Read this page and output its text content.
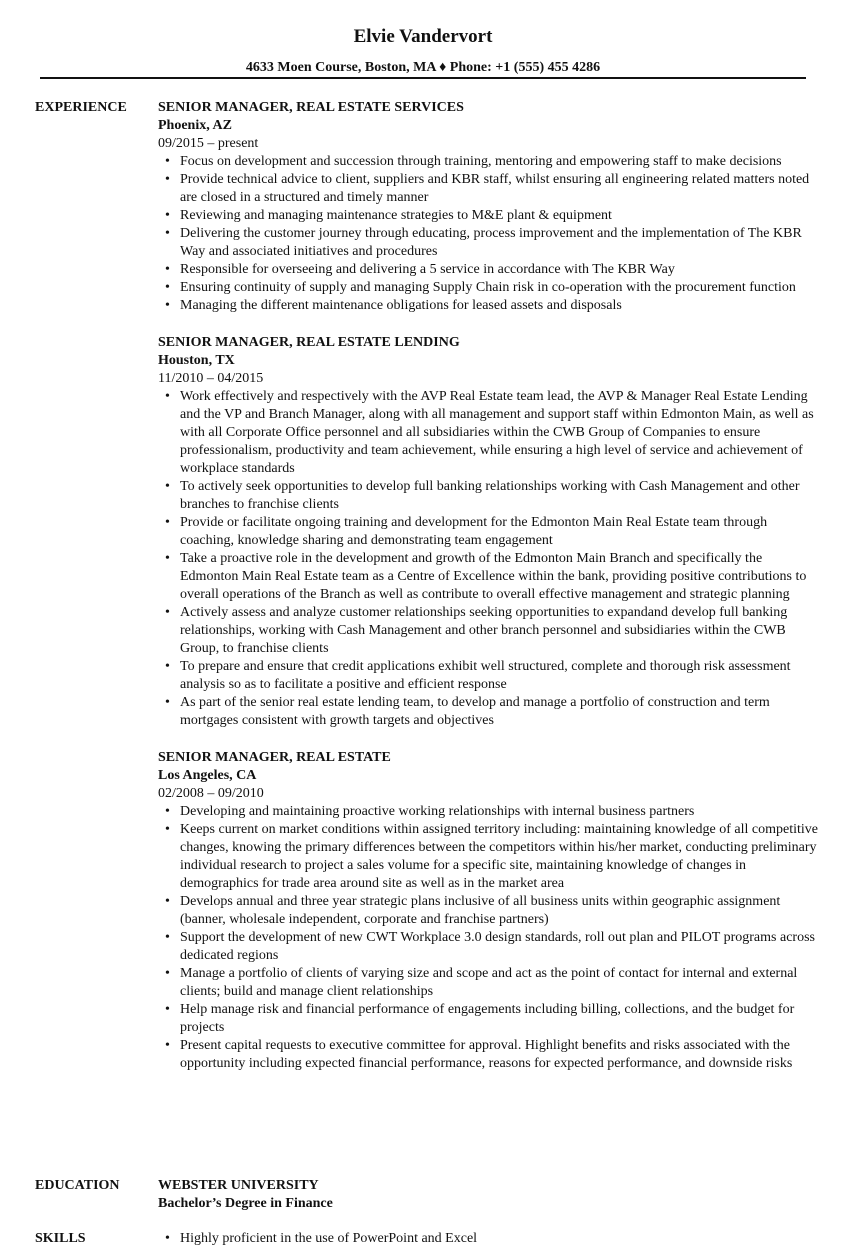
Elvie Vandervort
4633 Moen Course, Boston, MA ♦ Phone: +1 (555) 455 4286
EXPERIENCE SENIOR MANAGER, REAL ESTATE SERVICES
Phoenix, AZ
09/2015 – present
• Focus on development and succession through training, mentoring and empowering staff to make decisions
• Provide technical advice to client, suppliers and KBR staff, whilst ensuring all engineering related matters noted are closed in a structured and timely manner
• Reviewing and managing maintenance strategies to M&E plant & equipment
• Delivering the customer journey through educating, process improvement and the implementation of The KBR Way and associated initiatives and procedures
• Responsible for overseeing and delivering a 5 service in accordance with The KBR Way
• Ensuring continuity of supply and managing Supply Chain risk in co-operation with the procurement function
• Managing the different maintenance obligations for leased assets and disposals
SENIOR MANAGER, REAL ESTATE LENDING
Houston, TX
11/2010 – 04/2015
• Work effectively and respectively with the AVP Real Estate team lead, the AVP & Manager Real Estate Lending and the VP and Branch Manager, along with all management and support staff within Edmonton Main, as well as with all Corporate Office personnel and all subsidiaries within the CWB Group of Companies to ensure professionalism, productivity and team achievement, while ensuring a high level of service and achievement of workplace standards
• To actively seek opportunities to develop full banking relationships working with Cash Management and other branches to franchise clients
• Provide or facilitate ongoing training and development for the Edmonton Main Real Estate team through coaching, knowledge sharing and demonstrating team engagement
• Take a proactive role in the development and growth of the Edmonton Main Branch and specifically the Edmonton Main Real Estate team as a Centre of Excellence within the bank, providing positive contributions to overall operations of the Branch as well as contribute to overall effective management and strategic planning
• Actively assess and analyze customer relationships seeking opportunities to expandand develop full banking relationships, working with Cash Management and other branch personnel and subsidiaries within the CWB Group, to franchise clients
• To prepare and ensure that credit applications exhibit well structured, complete and thorough risk assessment analysis so as to facilitate a positive and efficient response
• As part of the senior real estate lending team, to develop and manage a portfolio of construction and term mortgages consistent with growth targets and objectives
SENIOR MANAGER, REAL ESTATE
Los Angeles, CA
02/2008 – 09/2010
• Developing and maintaining proactive working relationships with internal business partners
• Keeps current on market conditions within assigned territory including: maintaining knowledge of all competitive changes, knowing the primary differences between the competitors within his/her market, conducting preliminary individual research to project a sales volume for a specific site, maintaining knowledge of changes in demographics for trade area around site as well as in the market area
• Develops annual and three year strategic plans inclusive of all business units within geographic assignment (banner, wholesale independent, corporate and franchise partners)
• Support the development of new CWT Workplace 3.0 design standards, roll out plan and PILOT programs across dedicated regions
• Manage a portfolio of clients of varying size and scope and act as the point of contact for internal and external clients; build and manage client relationships
• Help manage risk and financial performance of engagements including billing, collections, and the budget for projects
• Present capital requests to executive committee for approval. Highlight benefits and risks associated with the opportunity including expected financial performance, reasons for expected performance, and downside risks
EDUCATION	WEBSTER UNIVERSITY
Bachelor’s Degree in Finance
SKILLS
•	Highly proficient in the use of PowerPoint and Excel
